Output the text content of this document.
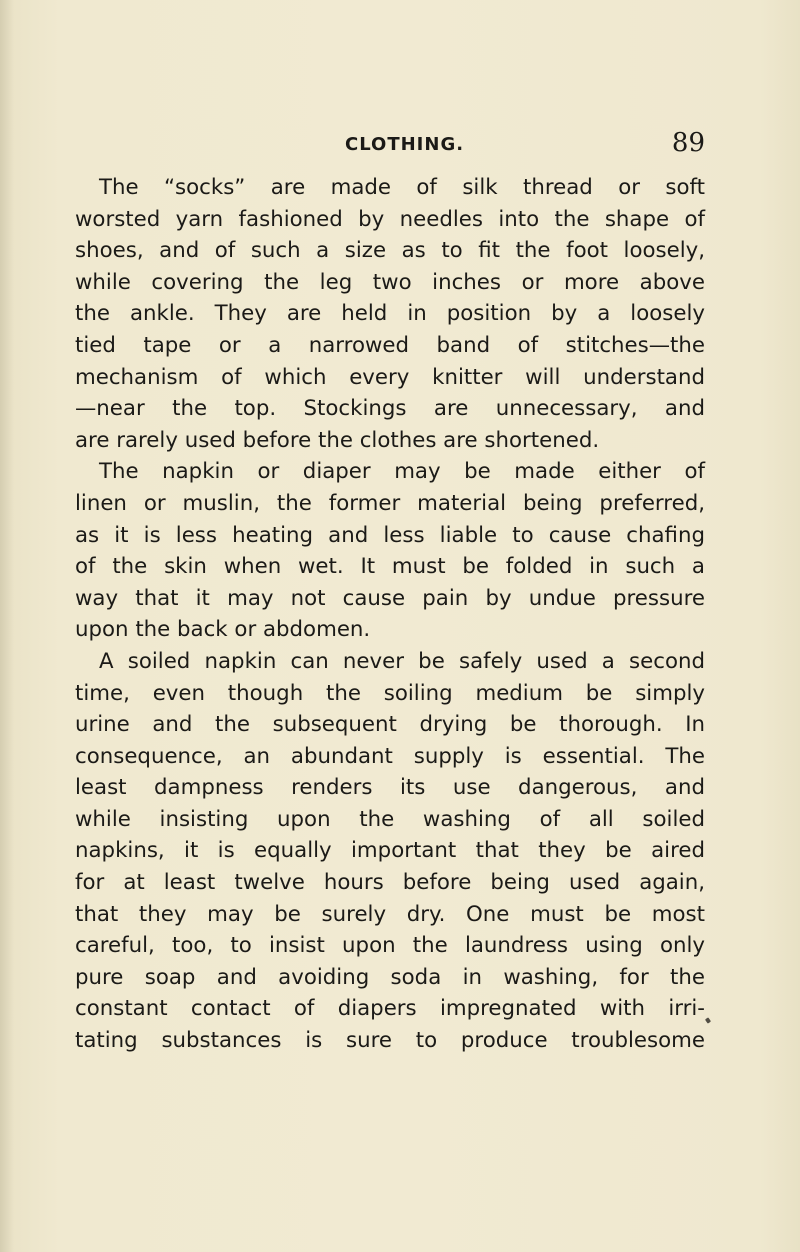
CLOTHING.	89
The “socks” are made of silk thread or soft
worsted yarn fashioned by needles into the shape of
shoes, and of such a size as to fit the foot loosely,
while covering the leg two inches or more above
the ankle. They are held in position by a loosely
tied tape or a narrowed band of stitches—the
mechanism of which every knitter will understand
—near the top. Stockings are unnecessary, and
are rarely used before the clothes are shortened.
The napkin or diaper may be made either of
linen or muslin, the former material being preferred,
as it is less heating and less liable to cause chafing
of the skin when wet. It must be folded in such a
way that it may not cause pain by undue pressure
upon the back or abdomen.
A soiled napkin can never be safely used a second
time, even though the soiling medium be simply
urine and the subsequent drying be thorough. In
consequence, an abundant supply is essential. The
least dampness renders its use dangerous, and
while insisting upon the washing of all soiled
napkins, it is equally important that they be aired
for at least twelve hours before being used again,
that they may be surely dry. One must be most
careful, too, to insist upon the laundress using only
pure soap and avoiding soda in washing, for the
constant contact of diapers impregnated with irri-
tating substances is sure to produce troublesome
